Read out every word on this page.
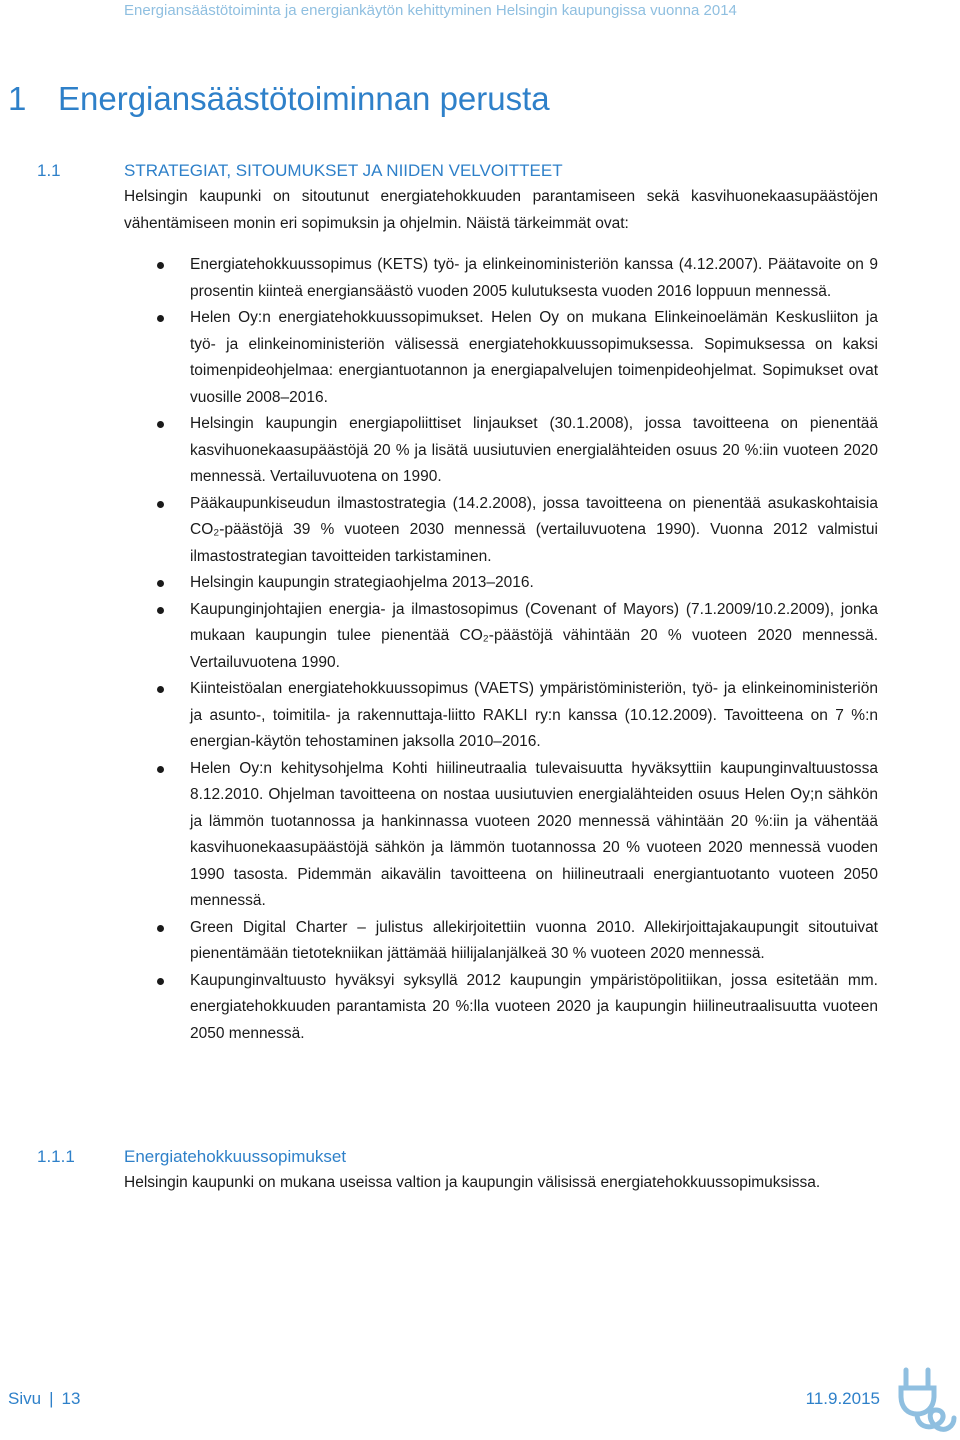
Energiansäästötoiminta ja energiankäytön kehittyminen Helsingin kaupungissa vuonna 2014
1 Energiansäästötoiminnan perusta
1.1	STRATEGIAT, SITOUMUKSET JA NIIDEN VELVOITTEET

Helsingin kaupunki on sitoutunut energiatehokkuuden parantamiseen sekä kasvihuonekaasupäästöjen vähentämiseen monin eri sopimuksin ja ohjelmin. Näistä tärkeimmät ovat:

Energiatehokkuussopimus (KETS) työ- ja elinkeinoministeriön kanssa (4.12.2007). Päätavoite on 9 prosentin kiinteä energiansäästö vuoden 2005 kulutuksesta vuoden 2016 loppuun mennessä.
Helen Oy:n energiatehokkuussopimukset. Helen Oy on mukana Elinkeinoelämän Keskusliiton ja työ- ja elinkeinoministeriön välisessä energiatehokkuussopimuksessa. Sopimuksessa on kaksi toimenpideohjelmaa: energiantuotannon ja energiapalvelujen toimenpideohjelmat. Sopimukset ovat vuosille 2008–2016.
Helsingin kaupungin energiapoliittiset linjaukset (30.1.2008), jossa tavoitteena on pienentää kasvihuonekaasupäästöjä 20 % ja lisätä uusiutuvien energialähteiden osuus 20 %:iin vuoteen 2020 mennessä. Vertailuvuotena on 1990.
Pääkaupunkiseudun ilmastostrategia (14.2.2008), jossa tavoitteena on pienentää asukaskohtaisia CO₂-päästöjä 39 % vuoteen 2030 mennessä (vertailuvuotena 1990). Vuonna 2012 valmistui ilmastostrategian tavoitteiden tarkistaminen.
Helsingin kaupungin strategiaohjelma 2013–2016.
Kaupunginjohtajien energia- ja ilmastosopimus (Covenant of Mayors) (7.1.2009/10.2.2009), jonka mukaan kaupungin tulee pienentää CO₂-päästöjä vähintään 20 % vuoteen 2020 mennessä. Vertailuvuotena 1990.
Kiinteistöalan energiatehokkuussopimus (VAETS) ympäristöministeriön, työ- ja elinkeinoministeriön ja asunto-, toimitila- ja rakennuttaja-liitto RAKLI ry:n kanssa (10.12.2009). Tavoitteena on 7 %:n energian-käytön tehostaminen jaksolla 2010–2016.
Helen Oy:n kehitysohjelma Kohti hiilineutraalia tulevaisuutta hyväksyttiin kaupunginvaltuustossa 8.12.2010. Ohjelman tavoitteena on nostaa uusiutuvien energialähteiden osuus Helen Oy;n sähkön ja lämmön tuotannossa ja hankinnassa vuoteen 2020 mennessä vähintään 20 %:iin ja vähentää kasvihuonekaasupäästöjä sähkön ja lämmön tuotannossa 20 % vuoteen 2020 mennessä vuoden 1990 tasosta. Pidemmän aikavälin tavoitteena on hiilineutraali energiantuotanto vuoteen 2050 mennessä.
Green Digital Charter – julistus allekirjoitettiin vuonna 2010. Allekirjoittajakaupungit sitoutuivat pienentämään tietotekniikan jättämää hiilijalanjälkeä 30 % vuoteen 2020 mennessä.
Kaupunginvaltuusto hyväksyi syksyllä 2012 kaupungin ympäristöpolitiikan, jossa esitetään mm. energiatehokkuuden parantamista 20 %:lla vuoteen 2020 ja kaupungin hiilineutraalisuutta vuoteen 2050 mennessä.
1.1.1	Energiatehokkuussopimukset

Helsingin kaupunki on mukana useissa valtion ja kaupungin välisissä energiatehokkuussopimuksissa.

Sivu | 13	11.9.2015
